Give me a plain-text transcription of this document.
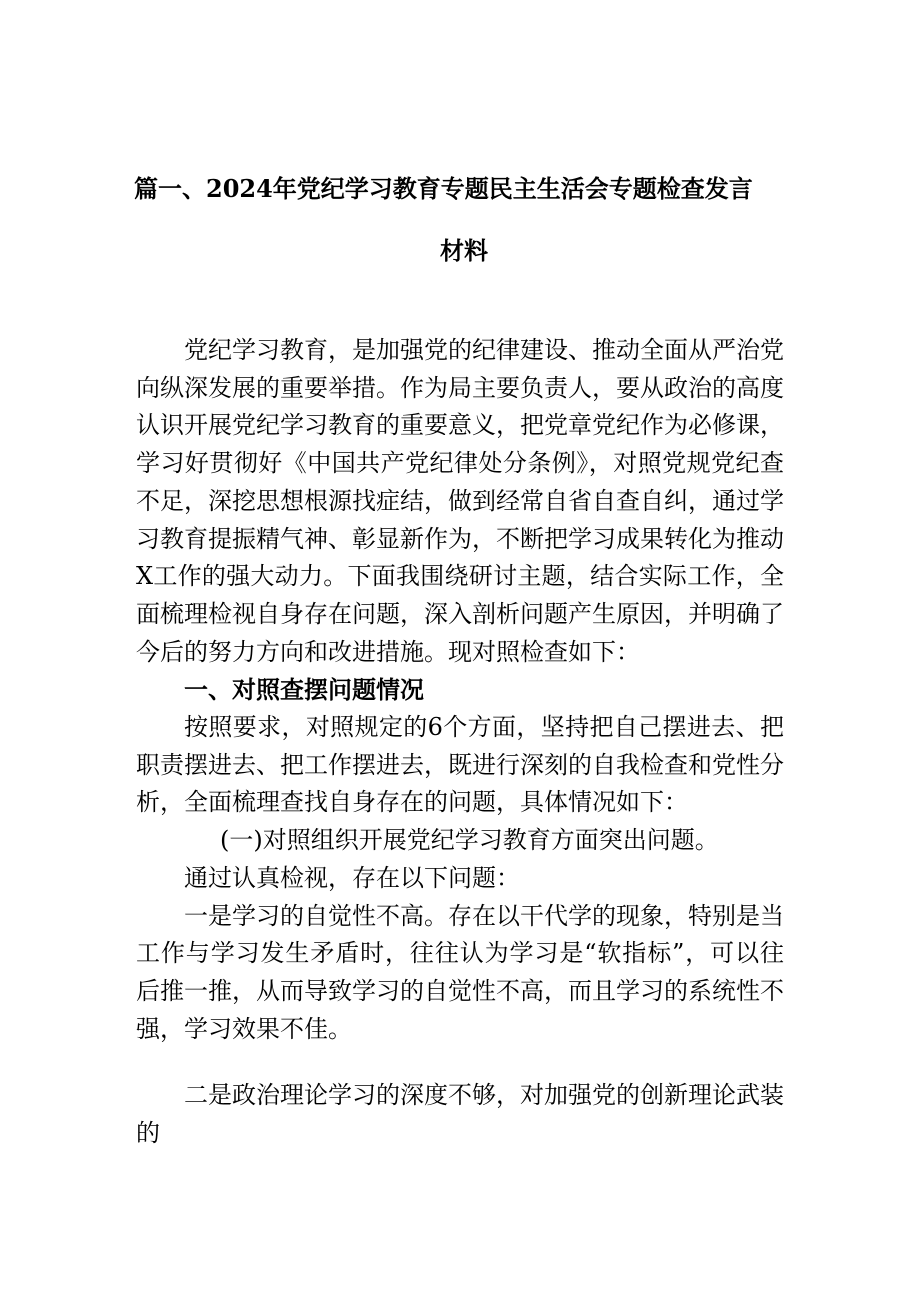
篇一、2024年党纪学习教育专题民主生活会专题检查发言
材料

党纪学习教育，是加强党的纪律建设、推动全面从严治党向纵深发展的重要举措。作为局主要负责人，要从政治的高度认识开展党纪学习教育的重要意义，把党章党纪作为必修课，学习好贯彻好《中国共产党纪律处分条例》，对照党规党纪查不足，深挖思想根源找症结，做到经常自省自查自纠，通过学习教育提振精气神、彰显新作为，不断把学习成果转化为推动X工作的强大动力。下面我围绕研讨主题，结合实际工作，全面梳理检视自身存在问题，深入剖析问题产生原因，并明确了今后的努力方向和改进措施。现对照检查如下：

一、对照查摆问题情况

按照要求，对照规定的6个方面，坚持把自己摆进去、把职责摆进去、把工作摆进去，既进行深刻的自我检查和党性分析，全面梳理查找自身存在的问题，具体情况如下：

(一)对照组织开展党纪学习教育方面突出问题。

通过认真检视，存在以下问题：

一是学习的自觉性不高。存在以干代学的现象，特别是当工作与学习发生矛盾时，往往认为学习是“软指标”，可以往后推一推，从而导致学习的自觉性不高，而且学习的系统性不强，学习效果不佳。

二是政治理论学习的深度不够，对加强党的创新理论武装的
